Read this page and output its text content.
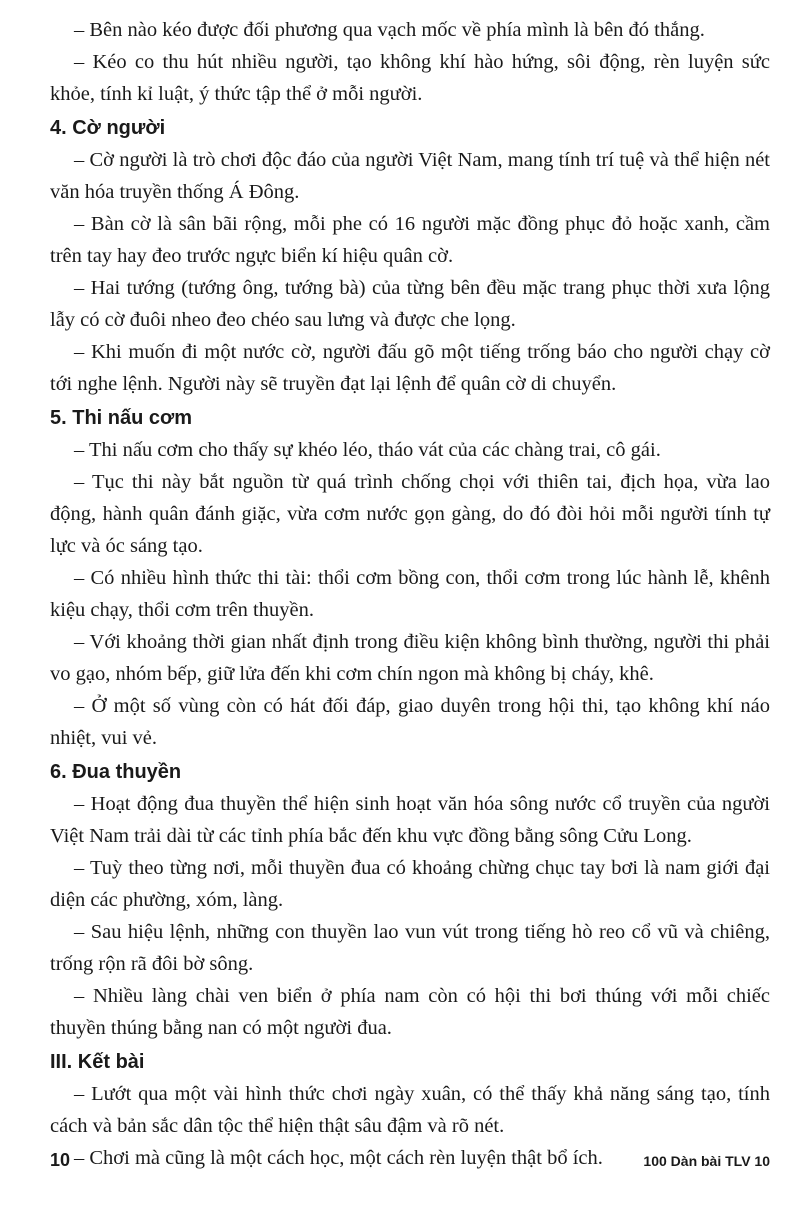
– Bên nào kéo được đối phương qua vạch mốc về phía mình là bên đó thắng.

– Kéo co thu hút nhiều người, tạo không khí hào hứng, sôi động, rèn luyện sức khỏe, tính kỉ luật, ý thức tập thể ở mỗi người.

4. Cờ người

– Cờ người là trò chơi độc đáo của người Việt Nam, mang tính trí tuệ và thể hiện nét văn hóa truyền thống Á Đông.

– Bàn cờ là sân bãi rộng, mỗi phe có 16 người mặc đồng phục đỏ hoặc xanh, cầm trên tay hay đeo trước ngực biển kí hiệu quân cờ.

– Hai tướng (tướng ông, tướng bà) của từng bên đều mặc trang phục thời xưa lộng lẫy có cờ đuôi nheo đeo chéo sau lưng và được che lọng.

– Khi muốn đi một nước cờ, người đấu gõ một tiếng trống báo cho người chạy cờ tới nghe lệnh. Người này sẽ truyền đạt lại lệnh để quân cờ di chuyển.

5. Thi nấu cơm

– Thi nấu cơm cho thấy sự khéo léo, tháo vát của các chàng trai, cô gái.

– Tục thi này bắt nguồn từ quá trình chống chọi với thiên tai, địch họa, vừa lao động, hành quân đánh giặc, vừa cơm nước gọn gàng, do đó đòi hỏi mỗi người tính tự lực và óc sáng tạo.

– Có nhiều hình thức thi tài: thổi cơm bồng con, thổi cơm trong lúc hành lễ, khênh kiệu chạy, thổi cơm trên thuyền.

– Với khoảng thời gian nhất định trong điều kiện không bình thường, người thi phải vo gạo, nhóm bếp, giữ lửa đến khi cơm chín ngon mà không bị cháy, khê.

– Ở một số vùng còn có hát đối đáp, giao duyên trong hội thi, tạo không khí náo nhiệt, vui vẻ.

6. Đua thuyền

– Hoạt động đua thuyền thể hiện sinh hoạt văn hóa sông nước cổ truyền của người Việt Nam trải dài từ các tỉnh phía bắc đến khu vực đồng bằng sông Cửu Long.

– Tuỳ theo từng nơi, mỗi thuyền đua có khoảng chừng chục tay bơi là nam giới đại diện các phường, xóm, làng.

– Sau hiệu lệnh, những con thuyền lao vun vút trong tiếng hò reo cổ vũ và chiêng, trống rộn rã đôi bờ sông.

– Nhiều làng chài ven biển ở phía nam còn có hội thi bơi thúng với mỗi chiếc thuyền thúng bằng nan có một người đua.

III. Kết bài

– Lướt qua một vài hình thức chơi ngày xuân, có thể thấy khả năng sáng tạo, tính cách và bản sắc dân tộc thể hiện thật sâu đậm và rõ nét.

– Chơi mà cũng là một cách học, một cách rèn luyện thật bổ ích.

10	100 Dàn bài TLV 10
